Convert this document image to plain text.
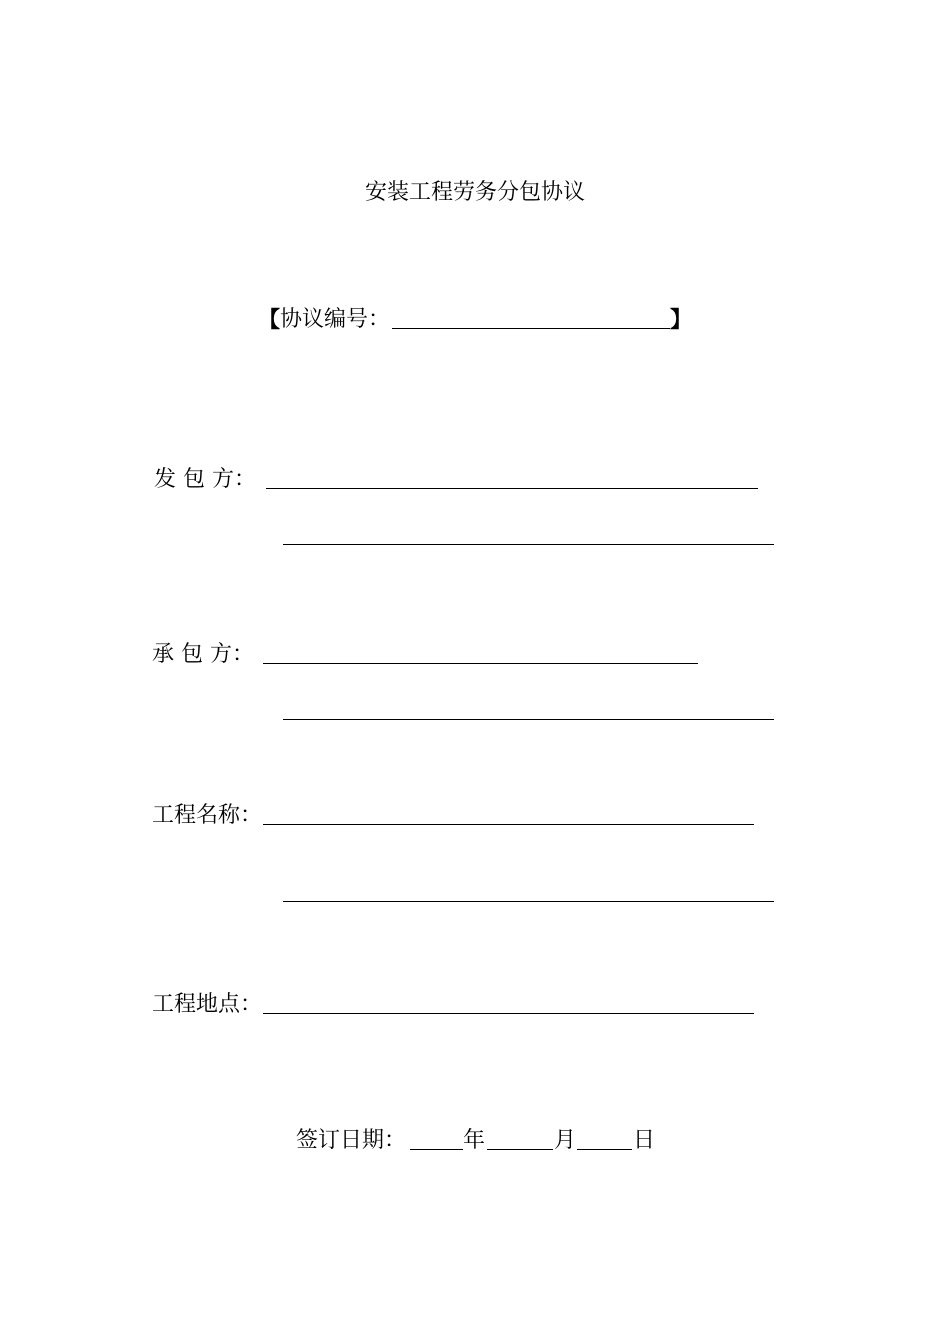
安装工程劳务分包协议
【 协议编号：	】
发 包 方：
承 包 方：
工程名称：
工程地点：
签订日期：	年	月	日
